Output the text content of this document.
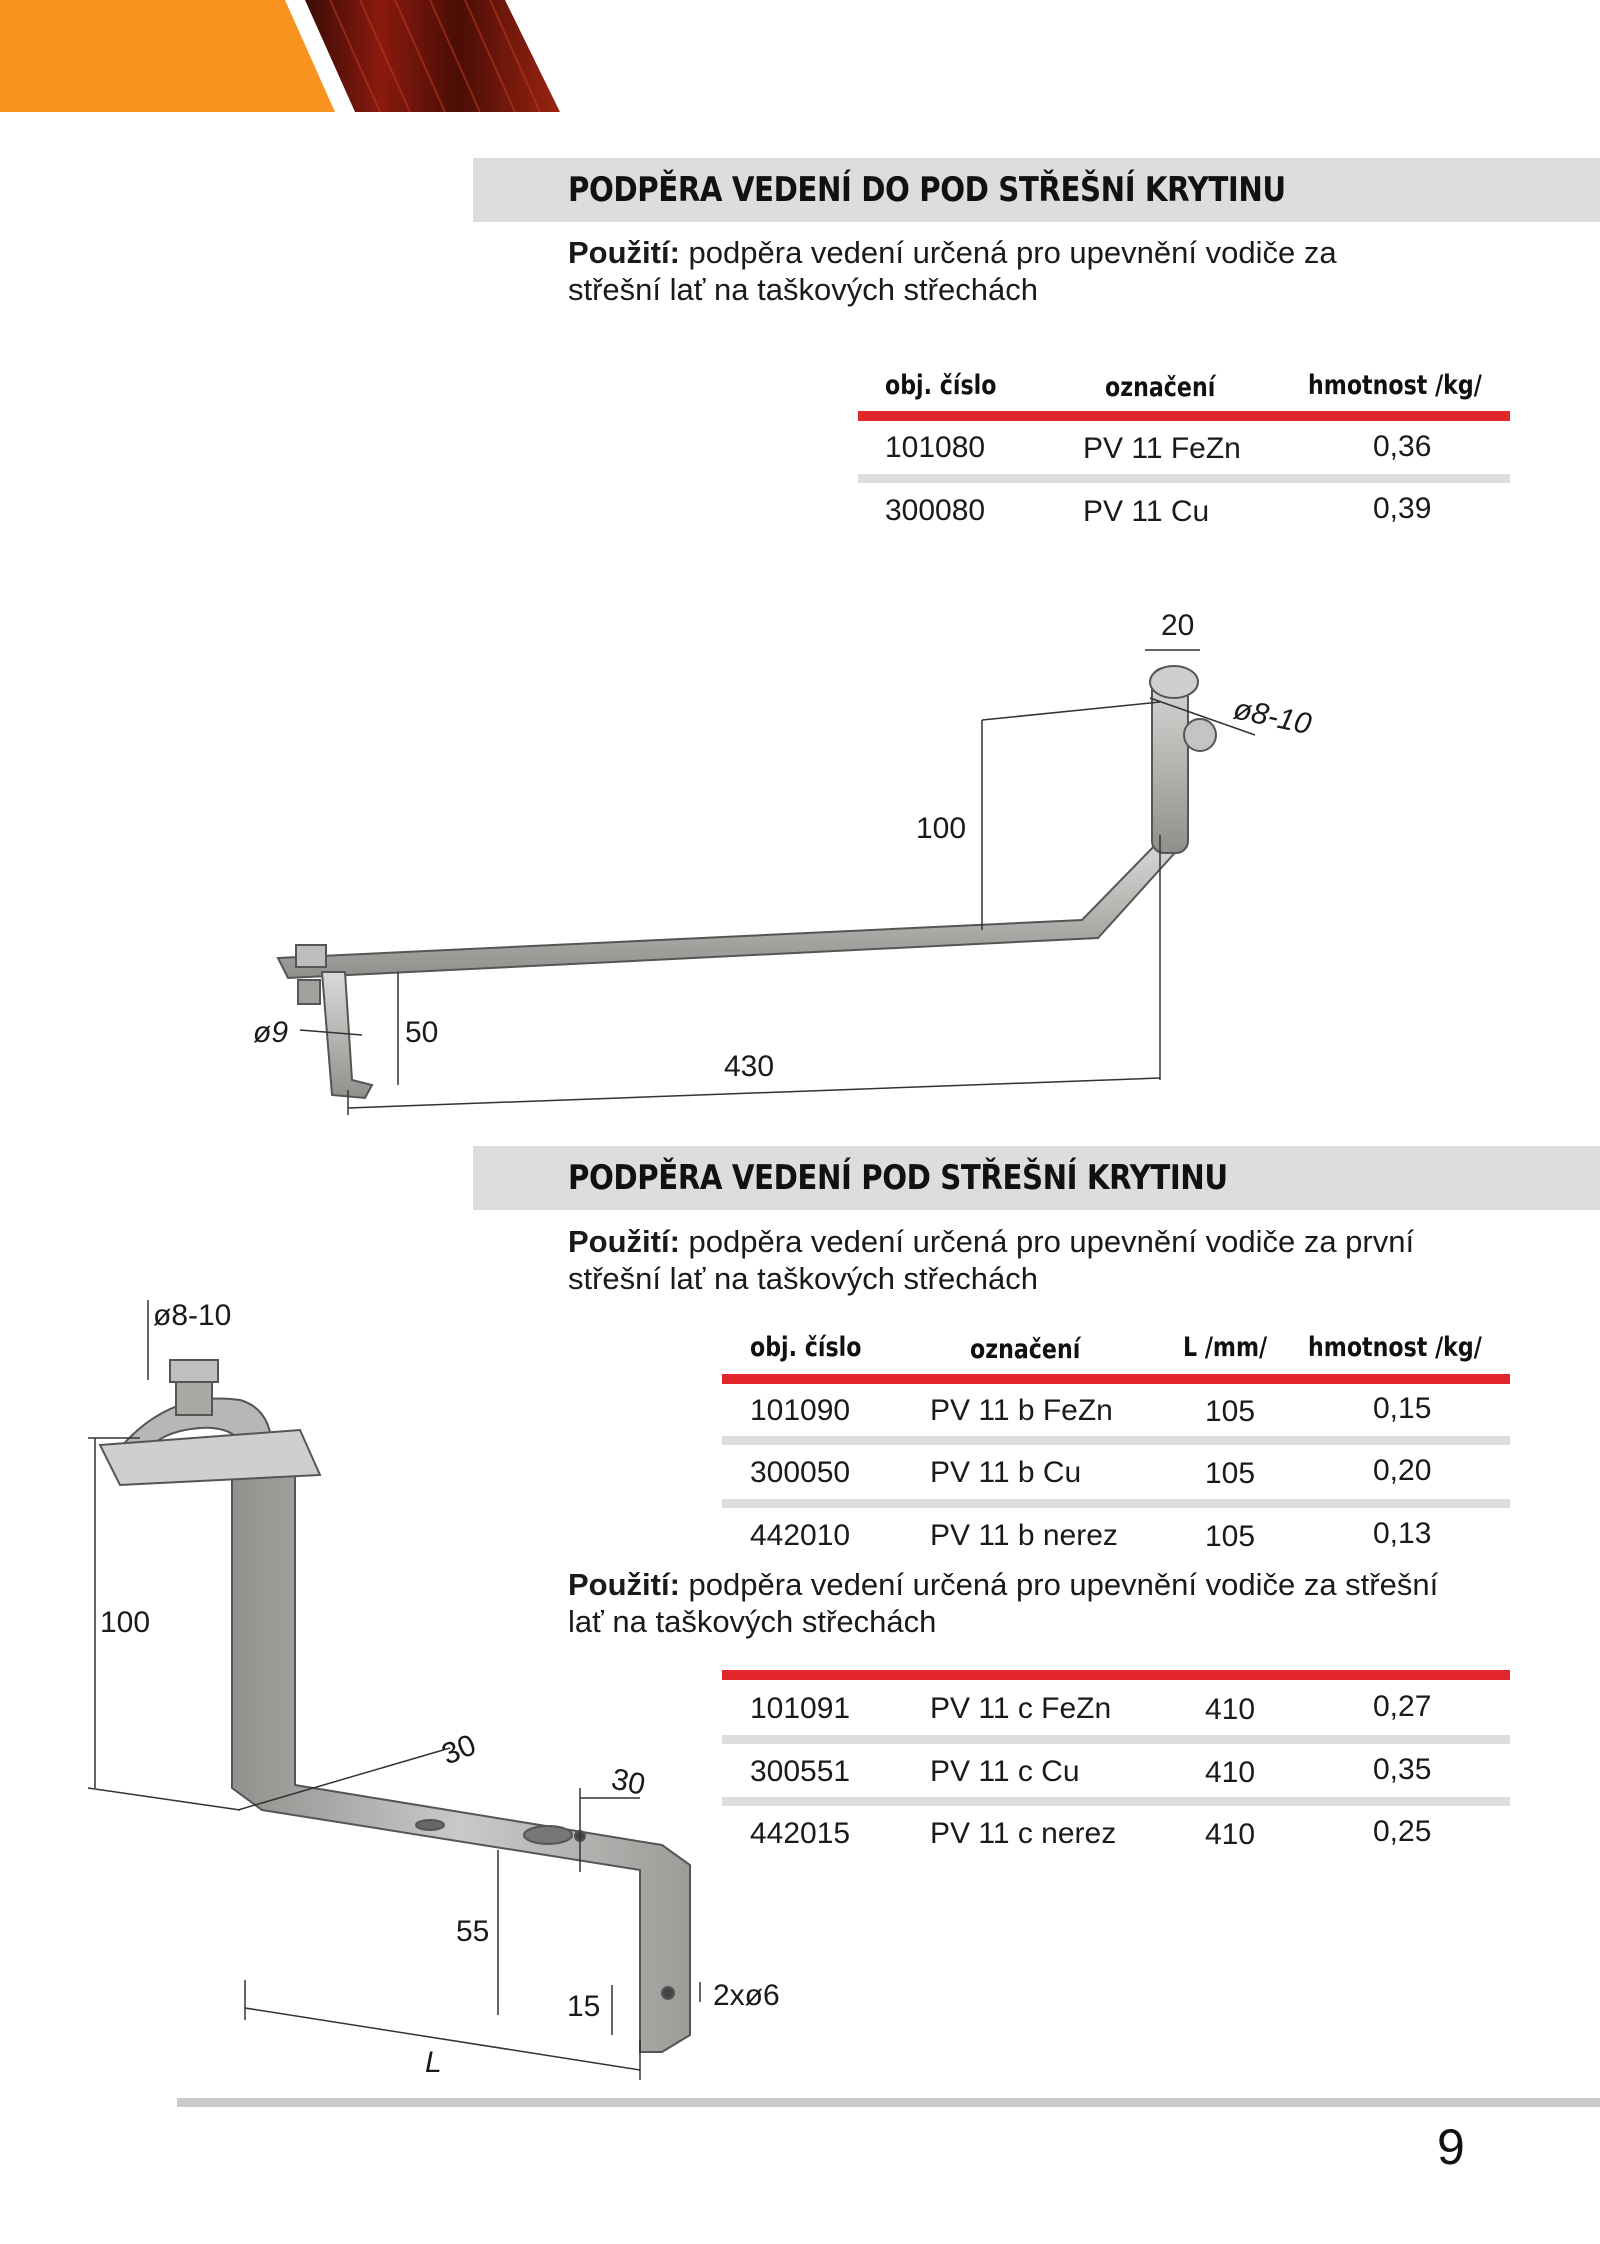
PODPĚRA VEDENÍ DO POD STŘEŠNÍ KRYTINU
Použití: podpěra vedení určená pro upevnění vodiče za
střešní lať na taškových střechách
obj. číslo	označení	hmotnost /kg/
101080	PV 11 FeZn	0,36
300080	PV 11 Cu	0,39
20
ø8-10
100
ø9	50
430
PODPĚRA VEDENÍ POD STŘEŠNÍ KRYTINU
Použití: podpěra vedení určená pro upevnění vodiče za první
střešní lať na taškových střechách
obj. číslo	označení	L /mm/ hmotnost /kg/
101090	PV 11 b FeZn	105	0,15
300050	PV 11 b Cu	105	0,20
442010	PV 11 b nerez	105	0,13
Použití: podpěra vedení určená pro upevnění vodiče za střešní
lať na taškových střechách
101091	PV 11 c FeZn	410	0,27
300551	PV 11 c Cu	410	0,35
442015	PV 11 c nerez	410	0,25
ø8-10
100
30
30
55
15	2xø6
L
9
